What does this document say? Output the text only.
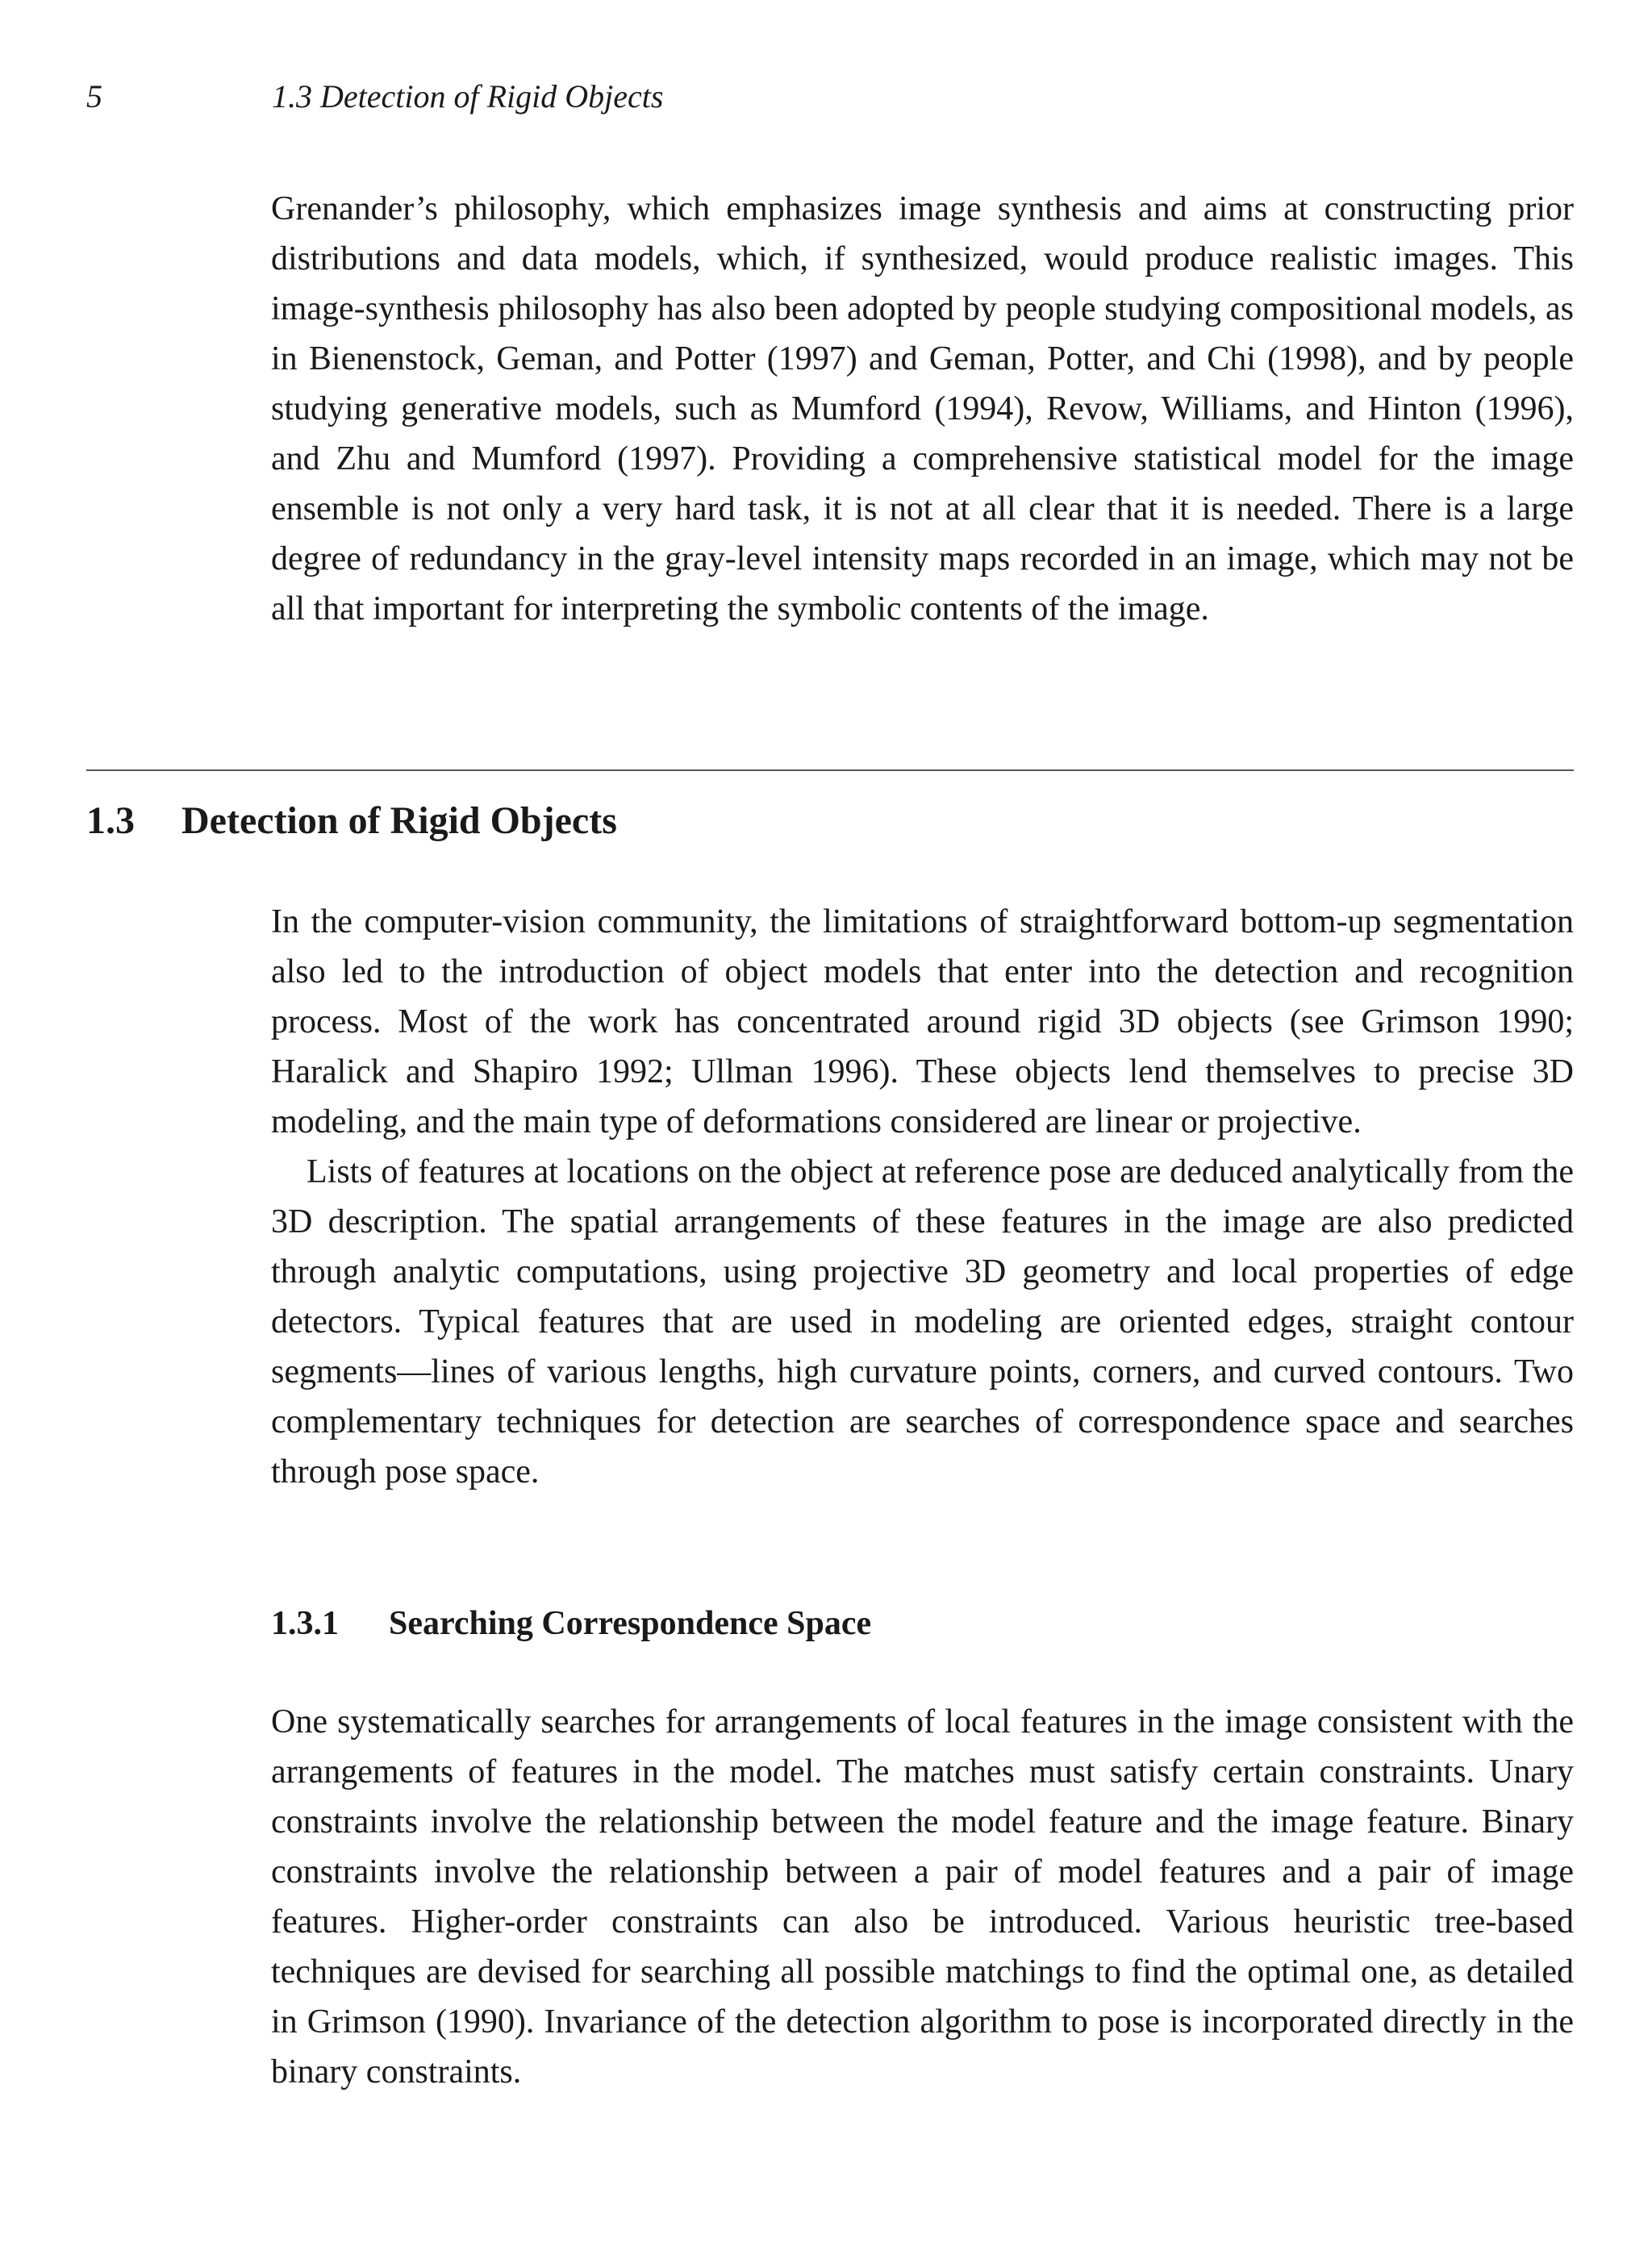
5	1.3 Detection of Rigid Objects

Grenander’s philosophy, which emphasizes image synthesis and aims at constructing prior distributions and data models, which, if synthesized, would produce realistic images. This image-synthesis philosophy has also been adopted by people studying compositional models, as in Bienenstock, Geman, and Potter (1997) and Geman, Potter, and Chi (1998), and by people studying generative models, such as Mumford (1994), Revow, Williams, and Hinton (1996), and Zhu and Mumford (1997). Providing a comprehensive statistical model for the image ensemble is not only a very hard task, it is not at all clear that it is needed. There is a large degree of redundancy in the gray-level intensity maps recorded in an image, which may not be all that important for interpreting the symbolic contents of the image.

1.3 Detection of Rigid Objects

In the computer-vision community, the limitations of straightforward bottom-up segmentation also led to the introduction of object models that enter into the detection and recognition process. Most of the work has concentrated around rigid 3D objects (see Grimson 1990; Haralick and Shapiro 1992; Ullman 1996). These objects lend themselves to precise 3D modeling, and the main type of deformations considered are linear or projective.

Lists of features at locations on the object at reference pose are deduced analytically from the 3D description. The spatial arrangements of these features in the image are also predicted through analytic computations, using projective 3D geometry and local properties of edge detectors. Typical features that are used in modeling are oriented edges, straight contour segments—lines of various lengths, high curvature points, corners, and curved contours. Two complementary techniques for detection are searches of correspondence space and searches through pose space.

1.3.1 Searching Correspondence Space

One systematically searches for arrangements of local features in the image consistent with the arrangements of features in the model. The matches must satisfy certain constraints. Unary constraints involve the relationship between the model feature and the image feature. Binary constraints involve the relationship between a pair of model features and a pair of image features. Higher-order constraints can also be introduced. Various heuristic tree-based techniques are devised for searching all possible matchings to find the optimal one, as detailed in Grimson (1990). Invariance of the detection algorithm to pose is incorporated directly in the binary constraints.
